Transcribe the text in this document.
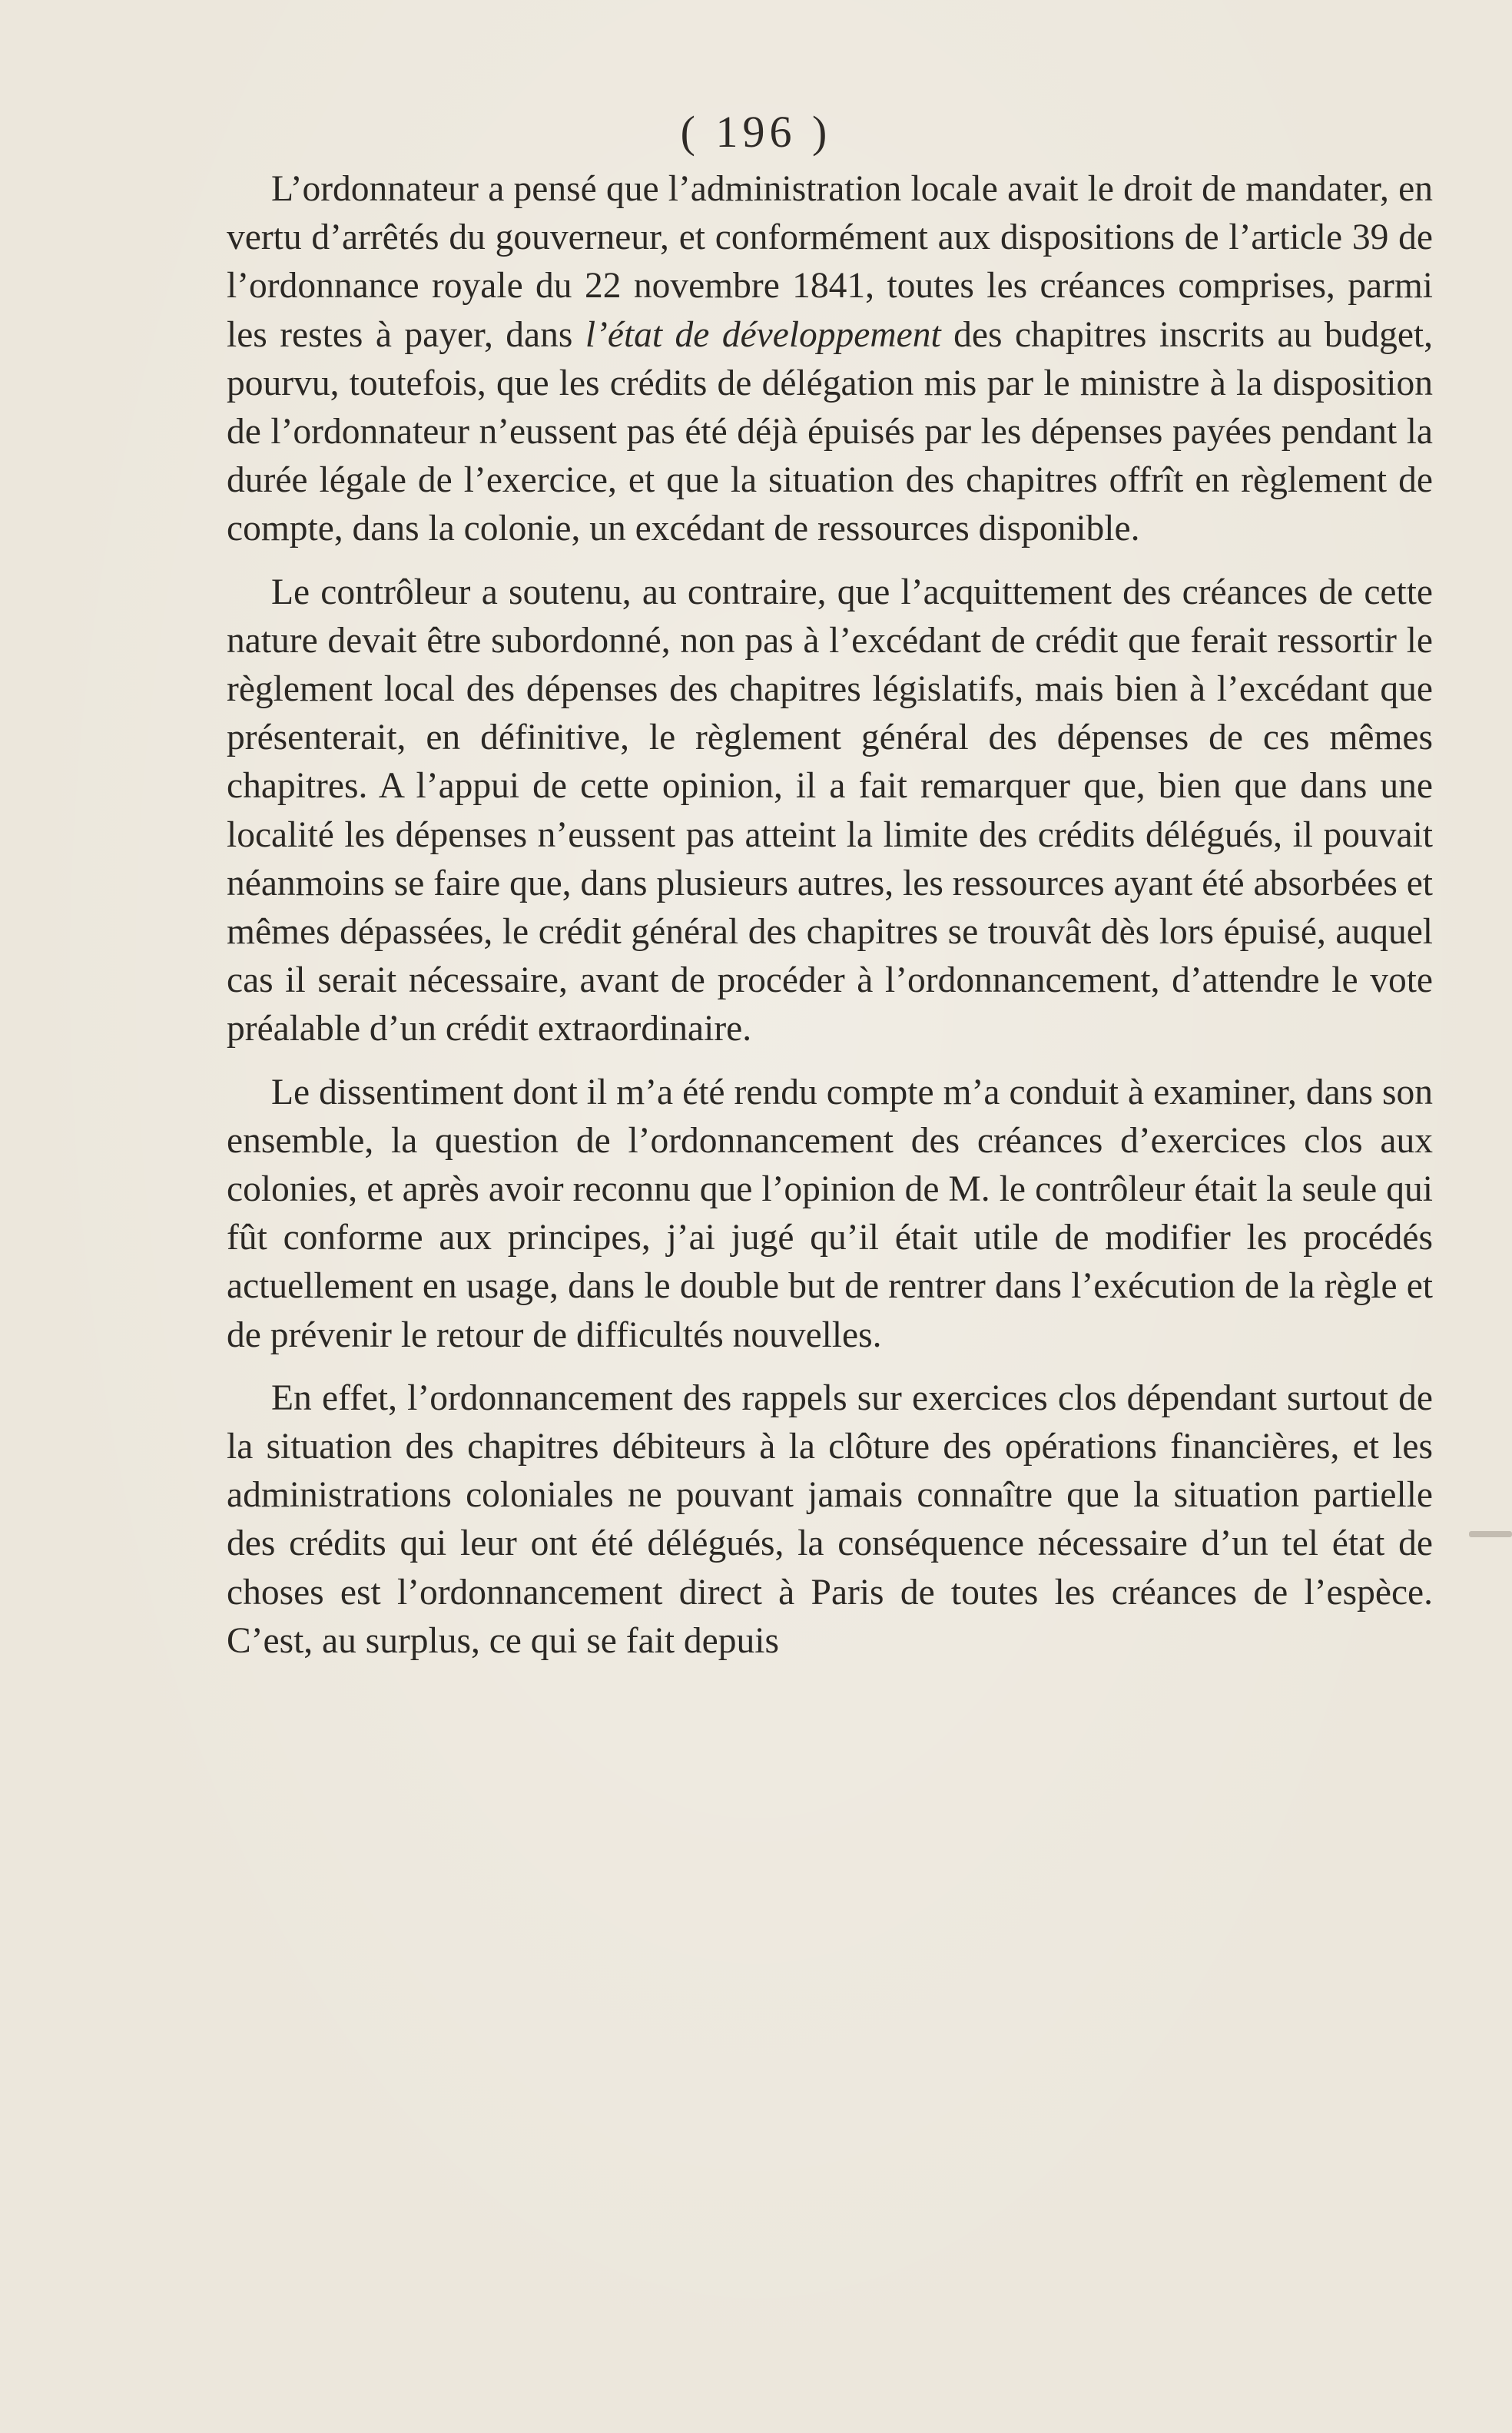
( 196 )

L’ordonnateur a pensé que l’administration locale avait le droit de mandater, en vertu d’arrêtés du gouverneur, et conformément aux dispositions de l’article 39 de l’ordonnance royale du 22 novembre 1841, toutes les créances comprises, parmi les restes à payer, dans l’état de développement des chapitres inscrits au budget, pourvu, toutefois, que les crédits de délégation mis par le ministre à la disposition de l’ordonnateur n’eussent pas été déjà épuisés par les dépenses payées pendant la durée légale de l’exercice, et que la situation des chapitres offrît en règlement de compte, dans la colonie, un excédant de ressources disponible.

Le contrôleur a soutenu, au contraire, que l’acquittement des créances de cette nature devait être subordonné, non pas à l’excédant de crédit que ferait ressortir le règlement local des dépenses des chapitres législatifs, mais bien à l’excédant que présenterait, en définitive, le règlement général des dépenses de ces mêmes chapitres. A l’appui de cette opinion, il a fait remarquer que, bien que dans une localité les dépenses n’eussent pas atteint la limite des crédits délégués, il pouvait néanmoins se faire que, dans plusieurs autres, les ressources ayant été absorbées et mêmes dépassées, le crédit général des chapitres se trouvât dès lors épuisé, auquel cas il serait nécessaire, avant de procéder à l’ordonnancement, d’attendre le vote préalable d’un crédit extraordinaire.

Le dissentiment dont il m’a été rendu compte m’a conduit à examiner, dans son ensemble, la question de l’ordonnancement des créances d’exercices clos aux colonies, et après avoir reconnu que l’opinion de M. le contrôleur était la seule qui fût conforme aux principes, j’ai jugé qu’il était utile de modifier les procédés actuellement en usage, dans le double but de rentrer dans l’exécution de la règle et de prévenir le retour de difficultés nouvelles.

En effet, l’ordonnancement des rappels sur exercices clos dépendant surtout de la situation des chapitres débiteurs à la clôture des opérations financières, et les administrations coloniales ne pouvant jamais connaître que la situation partielle des crédits qui leur ont été délégués, la conséquence nécessaire d’un tel état de choses est l’ordonnancement direct à Paris de toutes les créances de l’espèce. C’est, au surplus, ce qui se fait depuis
